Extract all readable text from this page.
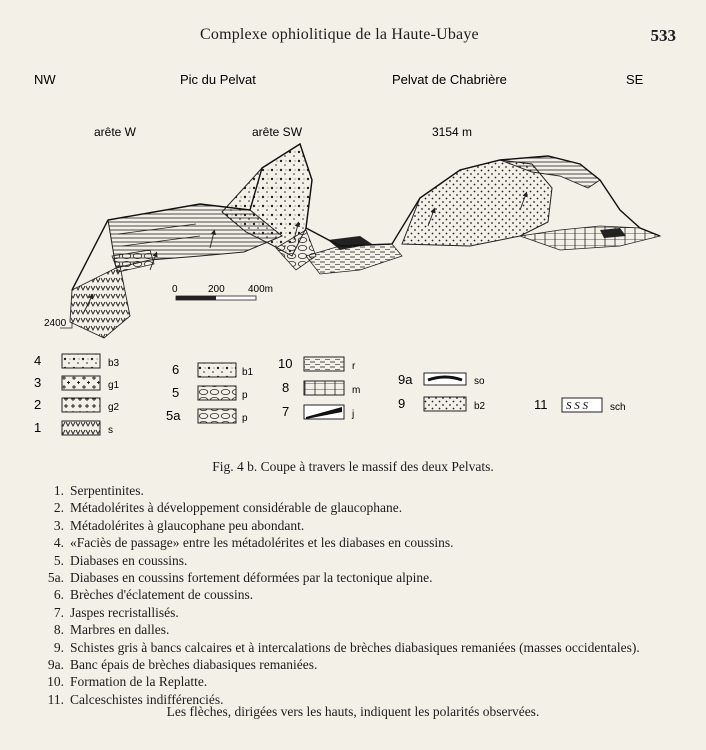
Complexe ophiolitique de la Haute-Ubaye	533
NW	Pic du Pelvat	Pelvat de Chabrière	SE
arête W	arête SW	3154 m
2400
0	200 400m
4	b3
3	g1
2	g2
1	s
6	b1
5	p
5a	p
10	r
8	m
7	j
9a	so
9	b2	11 S S S sch
Fig. 4 b. Coupe à travers le massif des deux Pelvats.
1. Serpentinites.
2. Métadolérites à développement considérable de glaucophane.
3. Métadolérites à glaucophane peu abondant.
4. «Faciès de passage» entre les métadolérites et les diabases en coussins.
5. Diabases en coussins.
5a. Diabases en coussins fortement déformées par la tectonique alpine.
6. Brèches d'éclatement de coussins.
7. Jaspes recristallisés.
8. Marbres en dalles.
9. Schistes gris à bancs calcaires et à intercalations de brèches diabasiques remaniées (masses occidentales).
9a. Banc épais de brèches diabasiques remaniées.
10. Formation de la Replatte.
11. Calceschistes indifférenciés.
Les flèches, dirigées vers les hauts, indiquent les polarités observées.
